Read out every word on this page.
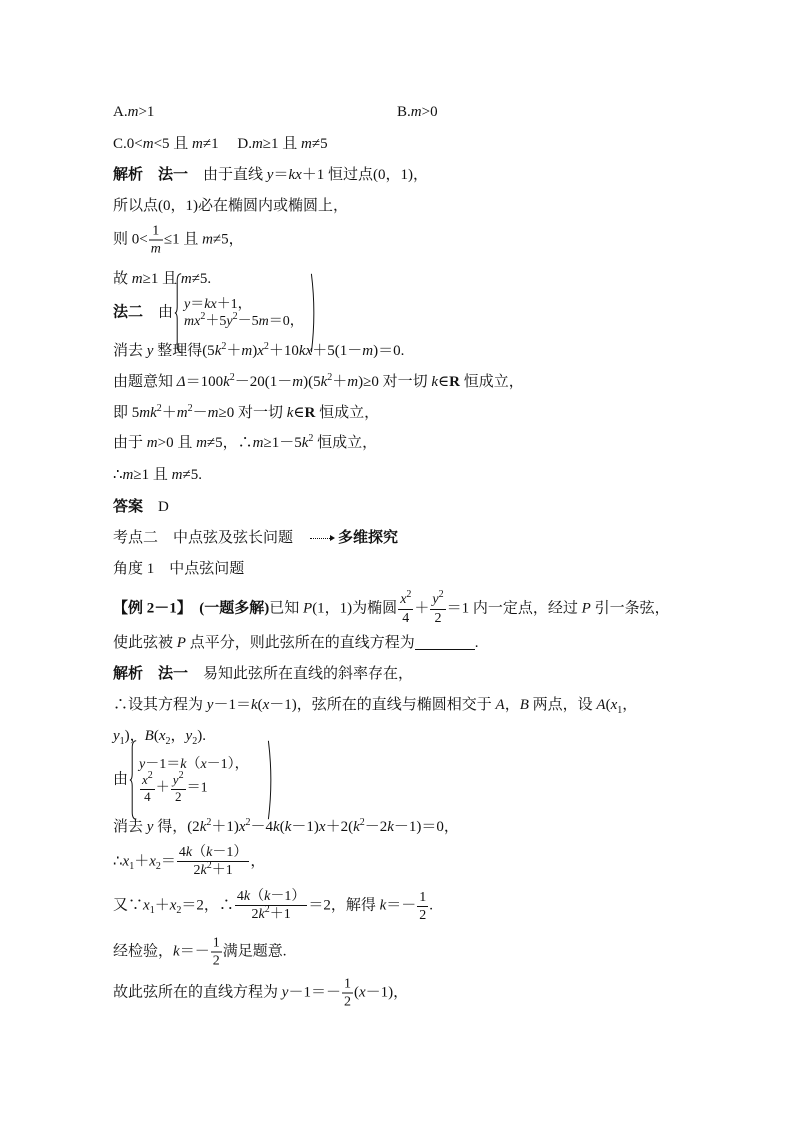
A.m>1	B.m>0
C.0<m<5 且 m≠1　 D.m≥1 且 m≠5
解析　法一　由于直线 y＝kx＋1 恒过点(0，1)，
所以点(0，1)必在椭圆内或椭圆上，
则 $0< \frac{1}{m} \le 1$ 且 m≠5，
故 m≥1 且 m≠5.
法二　由
y＝kx＋1，
$mx^2+5y^2-5m=0$，
消去 y 整理得$(5k^2+m)x^2+10kx+5(1-m)=0$.
由题意知 $\Delta=100k^2-20(1-m)(5k^2+m)\ge 0$ 对一切 k∈R 恒成立，
即 $5mk^2+m^2-m\ge 0$ 对一切 k∈R 恒成立，
由于 m>0 且 m≠5，$\therefore m\ge 1-5k^2$ 恒成立，
∴m≥1 且 m≠5.
答案　D
考点二　中点弦及弦长问题　多维探究
角度 1　中点弦问题
【例 2－1】　(一题多解)已知 P(1，1)为椭圆 $\frac{x^2}{4} + \frac{y^2}{2} =1$ 内一定点，经过 P 引一条弦，
使此弦被 P 点平分，则此弦所在的直线方程为	.
解析　法一　易知此弦所在直线的斜率存在，
∴设其方程为 y－1＝k(x－1)，弦所在的直线与椭圆相交于 A，B 两点，设 $A(x_1$，
$y_1$)，$B(x_2$，$y_2$).
由
y－1＝k（x－1），
$\frac{x^2}{4} + \frac{y^2}{2} =1$
消去 y 得，$(2k^2+1)x^2-4k(k-1)x+2(k^2-2k-1)=0$，
$\therefore x_1+x_2= \frac{4k(k-1)}{2k^2+1}$ ，
又$\because x_1+x_2=2$，∴ $\frac{4k(k-1)}{2k^2+1} =2$，解得 $k=- \frac{1}{2}$ .
经检验，$k=- \frac{1}{2}$ 满足题意.
故此弦所在的直线方程为 $y-1=- \frac{1}{2} (x-1)$，
